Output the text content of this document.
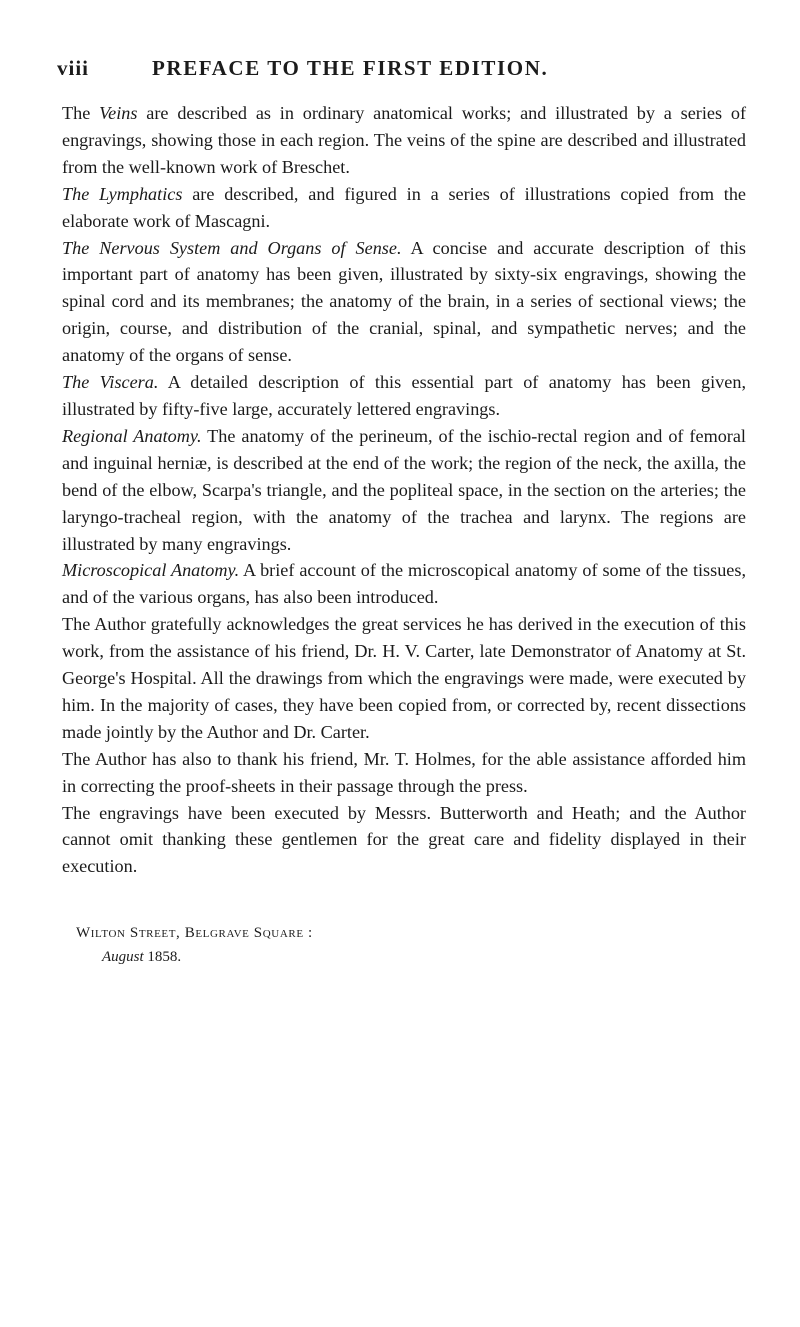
viii	PREFACE TO THE FIRST EDITION.

The Veins are described as in ordinary anatomical works; and illustrated by a series of engravings, showing those in each region. The veins of the spine are described and illustrated from the well-known work of Breschet.

The Lymphatics are described, and figured in a series of illustrations copied from the elaborate work of Mascagni.

The Nervous System and Organs of Sense. A concise and accurate description of this important part of anatomy has been given, illustrated by sixty-six engravings, showing the spinal cord and its membranes; the anatomy of the brain, in a series of sectional views; the origin, course, and distribution of the cranial, spinal, and sympathetic nerves; and the anatomy of the organs of sense.

The Viscera. A detailed description of this essential part of anatomy has been given, illustrated by fifty-five large, accurately lettered engravings.

Regional Anatomy. The anatomy of the perineum, of the ischio-rectal region and of femoral and inguinal herniæ, is described at the end of the work; the region of the neck, the axilla, the bend of the elbow, Scarpa's triangle, and the popliteal space, in the section on the arteries; the laryngo-tracheal region, with the anatomy of the trachea and larynx. The regions are illustrated by many engravings.

Microscopical Anatomy. A brief account of the microscopical anatomy of some of the tissues, and of the various organs, has also been introduced.

The Author gratefully acknowledges the great services he has derived in the execution of this work, from the assistance of his friend, Dr. H. V. Carter, late Demonstrator of Anatomy at St. George's Hospital. All the drawings from which the engravings were made, were executed by him. In the majority of cases, they have been copied from, or corrected by, recent dissections made jointly by the Author and Dr. Carter.

The Author has also to thank his friend, Mr. T. Holmes, for the able assistance afforded him in correcting the proof-sheets in their passage through the press.

The engravings have been executed by Messrs. Butterworth and Heath; and the Author cannot omit thanking these gentlemen for the great care and fidelity displayed in their execution.

Wilton Street, Belgrave Square :
August 1858.
